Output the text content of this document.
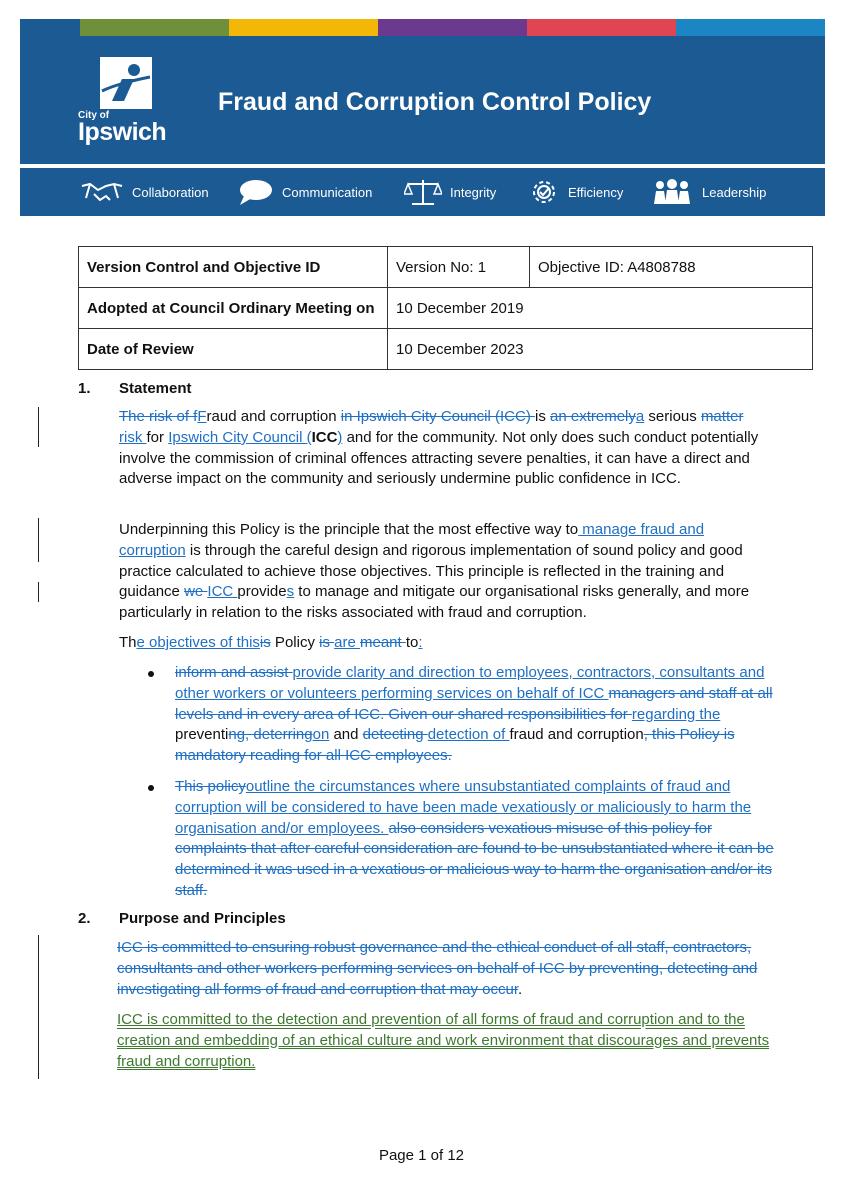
City of
Ipswich
Fraud and Corruption Control Policy
Collaboration	Communication	Integrity	Efficiency	Leadership
Version Control and Objective ID	Version No: 1	Objective ID: A4808788
Adopted at Council Ordinary Meeting on	10 December 2019	
Date of Review	10 December 2023	
1. Statement
The risk of fFraud and corruption in Ipswich City Council (ICC) is an extremelya serious matter
risk for Ipswich City Council (ICC) and for the community. Not only does such conduct potentially involve the commission of criminal offences attracting severe penalties, it can have a direct and adverse impact on the community and seriously undermine public confidence in ICC.
Underpinning this Policy is the principle that the most effective way to manage fraud and corruption is through the careful design and rigorous implementation of sound policy and good practice calculated to achieve those objectives. This principle is reflected in the training and guidance we ICC provides to manage and mitigate our organisational risks generally, and more particularly in relation to the risks associated with fraud and corruption.
The objectives of thisis Policy is are meant to:
inform and assist provide clarity and direction to employees, contractors, consultants and other workers or volunteers performing services on behalf of ICC managers and staff at all levels and in every area of ICC. Given our shared responsibilities for regarding the preventing, deterringon and detecting detection of fraud and corruption, this Policy is mandatory reading for all ICC employees.
This policyoutline the circumstances where unsubstantiated complaints of fraud and corruption will be considered to have been made vexatiously or maliciously to harm the organisation and/or employees. also considers vexatious misuse of this policy for complaints that after careful consideration are found to be unsubstantiated where it can be determined it was used in a vexatious or malicious way to harm the organisation and/or its staff.
2. Purpose and Principles
ICC is committed to ensuring robust governance and the ethical conduct of all staff, contractors, consultants and other workers performing services on behalf of ICC by preventing, detecting and investigating all forms of fraud and corruption that may occur.
ICC is committed to the detection and prevention of all forms of fraud and corruption and to the creation and embedding of an ethical culture and work environment that discourages and prevents fraud and corruption.
Page 1 of 12
